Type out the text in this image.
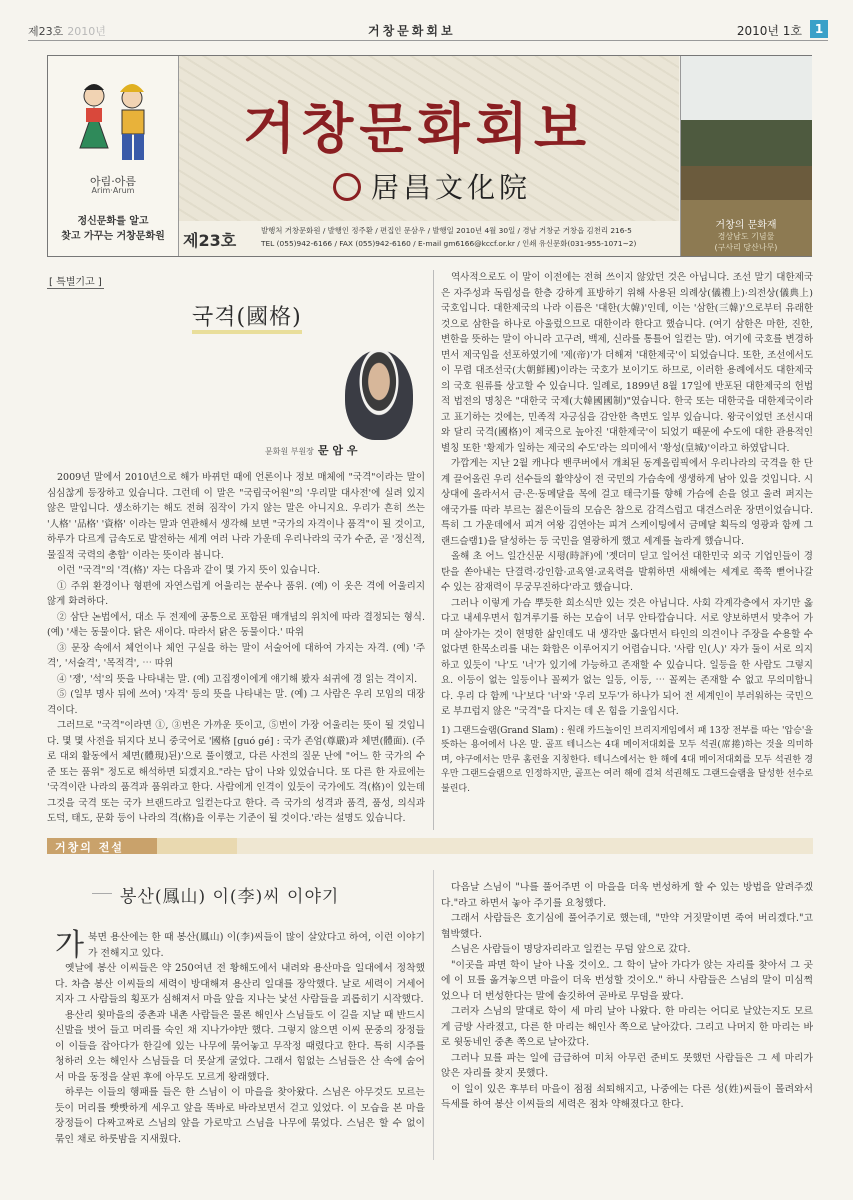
제23호 2010년	거창문화회보	2010년 1호	1
아림·아름
Arim·Arum
정신문화를 알고
찾고 가꾸는 거창문화원
거창문화회보
居昌文化院
제23호
발행처 거창문화원 / 발행인 정주환 / 편집인 문삼우 / 발행일 2010년 4월 30일 / 경남 거창군 거창읍 김천리 216-5
TEL (055)942-6166 / FAX (055)942-6160 / E-mail gm6166@kccf.or.kr / 인쇄 유신문화(031-955-1071~2)
거창의 문화재
경상남도 기념물
(구사리 당산나무)
[ 특별기고 ]
국격(國格)
문화원 부원장 문 암 우

2009년 말에서 2010년으로 해가 바뀌던 때에 언론이나 정보 매체에 "국격"이라는 말이 심심찮게 등장하고 있습니다. 그런데 이 말은 "국립국어원"의 '우리말 대사전'에 실려 있지 않은 말입니다. 생소하기는 해도 전혀 짐작이 가지 않는 말은 아니지요. 우리가 흔히 쓰는 '人格' '品格' '資格' 이라는 말과 연관해서 생각해 보면 "국가의 자격이나 품격"이 될 것이고, 하루가 다르게 급속도로 발전하는 세계 여러 나라 가운데 우리나라의 국가 수준, 곧 '정신적, 물질적 국력의 총합' 이라는 뜻이라 봅니다.

이런 "국격"의 '격(格)' 자는 다음과 같이 몇 가지 뜻이 있습니다.

① 주위 환경이나 형편에 자연스럽게 어울리는 분수나 품위. (예) 이 옷은 격에 어울리지 않게 화려하다.

② 삼단 논법에서, 대소 두 전제에 공통으로 포함된 매개념의 위치에 따라 결정되는 형식. (예) '새는 동물이다. 닭은 새이다. 따라서 닭은 동물이다.' 따위

③ 문장 속에서 체언이나 체언 구실을 하는 말이 서술어에 대하여 가지는 자격. (예) '주격', '서술격', '목적격', ⋯ 따위

④ '쟁', '석'의 뜻을 나타내는 말. (예) 고집쟁이에게 얘기해 봤자 쇠귀에 경 읽는 격이지.

⑤ (일부 명사 뒤에 쓰여) '자격' 등의 뜻을 나타내는 말. (예) 그 사람은 우리 모임의 대장 격이다.

그러므로 "국격"이라면 ①, ③번은 가까운 뜻이고, ⑤번이 가장 어울리는 뜻이 될 것입니다. 몇 몇 사전을 뒤지다 보니 중국어로 '國格 [guó gé] : 국가 존엄(尊嚴)과 체면(體面). (주로 대외 활동에서 체면(體現)된)'으로 풀이했고, 다른 사전의 질문 난에 "어느 한 국가의 수준 또는 품위" 정도로 해석하면 되겠지요."라는 답이 나와 있었습니다. 또 다른 한 자료에는 '국격이란 나라의 품격과 품위라고 한다. 사람에게 인격이 있듯이 국가에도 격(格)이 있는데 그것을 국격 또는 국가 브랜드라고 일컫는다고 한다. 즉 국가의 성격과 품격, 품성, 의식과 도덕, 태도, 문화 등이 나라의 격(格)을 이루는 기준이 될 것이다.'라는 설명도 있습니다.

역사적으로도 이 말이 이전에는 전혀 쓰이지 않았던 것은 아닙니다. 조선 말기 대한제국은 자주성과 독립성을 한층 강하게 표방하기 위해 사용된 의례상(儀禮上)·의전상(儀典上) 국호입니다. 대한제국의 나라 이름은 '대한(大韓)'인데, 이는 '삼한(三韓)'으로부터 유래한 것으로 삼한을 하나로 아울렀으므로 대한이라 한다고 했습니다. (여기 삼한은 마한, 진한, 변한을 뜻하는 말이 아니라 고구려, 백제, 신라를 통틀어 일컫는 말). 여기에 국호를 변경하면서 제국임을 선포하였기에 '제(帝)'가 더해져 '대한제국'이 되었습니다. 또한, 조선에서도 이 무렵 대조선국(大朝鮮國)이라는 국호가 보이기도 하므로, 이러한 용례에서도 대한제국의 국호 원류를 상고할 수 있습니다. 일례로, 1899년 8월 17일에 반포된 대한제국의 헌법적 법전의 명칭은 "대한국 국제(大韓國國制)"였습니다. 한국 또는 대한국을 대한제국이라고 표기하는 것에는, 민족적 자긍심을 감안한 측면도 일부 있습니다. 왕국이었던 조선시대와 달리 국격(國格)이 제국으로 높아진 '대한제국'이 되었기 때문에 수도에 대한 관용적인 별칭 또한 '황제가 일하는 제국의 수도'라는 의미에서 '황성(皇城)'이라고 하였답니다.

가깝게는 지난 2월 캐나다 밴쿠버에서 개최된 동계올림픽에서 우리나라의 국격을 한 단계 끌어올린 우리 선수들의 활약상이 전 국민의 가슴속에 생생하게 남아 있을 것입니다. 시상대에 올라서서 금·은·동메달을 목에 걸고 태극기를 향해 가슴에 손을 얹고 울려 퍼지는 애국가를 따라 부르는 젊은이들의 모습은 참으로 감격스럽고 대견스러운 장면이었습니다. 특히 그 가운데에서 피겨 여왕 김연아는 피겨 스케이팅에서 금메달 획득의 영광과 함께 그랜드슬램1)을 달성하는 등 국민을 열광하게 했고 세계를 놀라게 했습니다.

올해 초 어느 일간신문 시평(時評)에 '젯더미 딛고 일어선 대한민국 외국 기업인들이 경탄을 쏟아내는 단결력·강인함·교육열·교육력을 발휘하면 새해에는 세계로 쭉쭉 뻗어나갈 수 있는 잠재력이 무궁무진하다'라고 했습니다.

그러나 이렇게 가슴 뿌듯한 희소식만 있는 것은 아닙니다. 사회 각계각층에서 자기만 옳다고 내세우면서 힘겨루기를 하는 모습이 너무 안타깝습니다. 서로 양보하면서 맞추어 가며 살아가는 것이 현명한 삶인데도 내 생각만 옳다면서 타인의 의견이나 주장을 수용할 수 없다면 한목소리를 내는 화합은 이루어지기 어렵습니다. '사람 인(人)' 자가 둘이 서로 의지하고 있듯이 '나'도 '너'가 있기에 가능하고 존재할 수 있습니다. 일등을 한 사람도 그렇지요. 이등이 없는 일등이나 꼴찌가 없는 일등, 이등, ⋯ 꼴찌는 존재할 수 없고 무의미합니다. 우리 다 함께 '나'보다 '너'와 '우리 모두'가 하나가 되어 전 세계인이 부러워하는 국민으로 부끄럽지 않은 "국격"을 다지는 데 온 힘을 기울입시다.

1) 그랜드슬램(Grand Slam) : 원래 카드놀이인 브리지게임에서 패 13장 전부를 따는 '압승'을 뜻하는 용어에서 나온 말. 골프 테니스는 4대 메이저대회를 모두 석권(席捲)하는 것을 의미하며, 야구에서는 만루 홈런을 지칭한다. 테니스에서는 한 해에 4대 메이저대회를 모두 석권한 경우만 그랜드슬램으로 인정하지만, 골프는 여러 해에 걸쳐 석권해도 그랜드슬램을 달성한 선수로 불린다.

거창의 전설
봉산(鳳山) 이(李)씨 이야기

가북면 용산에는 한 때 봉산(鳳山) 이(李)씨들이 많이 살았다고 하여, 이런 이야기가 전해지고 있다.

옛날에 봉산 이씨들은 약 250여년 전 황해도에서 내려와 용산마을 일대에서 정착했다. 차츰 봉산 이씨들의 세력이 방대해져 용산리 일대를 장악했다. 날로 세력이 거세어지자 그 사람들의 횡포가 심해져서 마을 앞을 지나는 낯선 사람들을 괴롭히기 시작했다.

용산리 윗마을의 중촌과 내촌 사람들은 물론 해인사 스님들도 이 길을 지날 때 반드시 신발을 벗어 들고 머리를 숙인 채 지나가야만 했다. 그렇지 않으면 이씨 문중의 장정들이 이들을 잡아다가 한길에 있는 나무에 묶어놓고 무작정 때렸다고 한다. 특히 시주를 청하러 오는 해인사 스님들을 더 못살게 굴었다. 그래서 힘없는 스님들은 산 속에 숨어서 마을 동정을 살핀 후에 아무도 모르게 왕래했다.

하루는 이들의 행패를 들은 한 스님이 이 마을을 찾아왔다. 스님은 아무것도 모르는 듯이 머리를 빳빳하게 세우고 앞을 똑바로 바라보면서 걷고 있었다. 이 모습을 본 마을 장정들이 다짜고짜로 스님의 앞을 가로막고 스님을 나무에 묶었다. 스님은 할 수 없이 묶인 채로 하룻밤을 지새웠다.

다음날 스님이 "나를 풀어주면 이 마을을 더욱 번성하게 할 수 있는 방법을 알려주겠다."라고 하면서 놓아 주기를 요청했다.

그래서 사람들은 호기심에 풀어주기로 했는데, "만약 거짓말이면 죽여 버리겠다."고 협박했다.

스님은 사람들이 명당자리라고 일컫는 무덤 앞으로 갔다.

"이곳을 파면 학이 날아 나올 것이오. 그 학이 날아 가다가 앉는 자리를 찾아서 그 곳에 이 묘를 옮겨놓으면 마을이 더욱 번성할 것이오." 하니 사람들은 스님의 말이 미심쩍었으나 더 번성한다는 말에 솔깃하여 곧바로 무덤을 팠다.

그러자 스님의 말대로 학이 세 마리 날아 나왔다. 한 마리는 어디로 날았는지도 모르게 금방 사라졌고, 다른 한 마리는 해인사 쪽으로 날아갔다. 그리고 나머지 한 마리는 바로 윗동네인 중촌 쪽으로 날아갔다.

그러나 묘를 파는 일에 급급하여 미처 아무런 준비도 못했던 사람들은 그 세 마리가 앉은 자리를 찾지 못했다.

이 일이 있은 후부터 마을이 점점 쇠퇴해지고, 나중에는 다른 성(姓)씨들이 몰려와서 득세를 하여 봉산 이씨들의 세력은 점차 약해졌다고 한다.
